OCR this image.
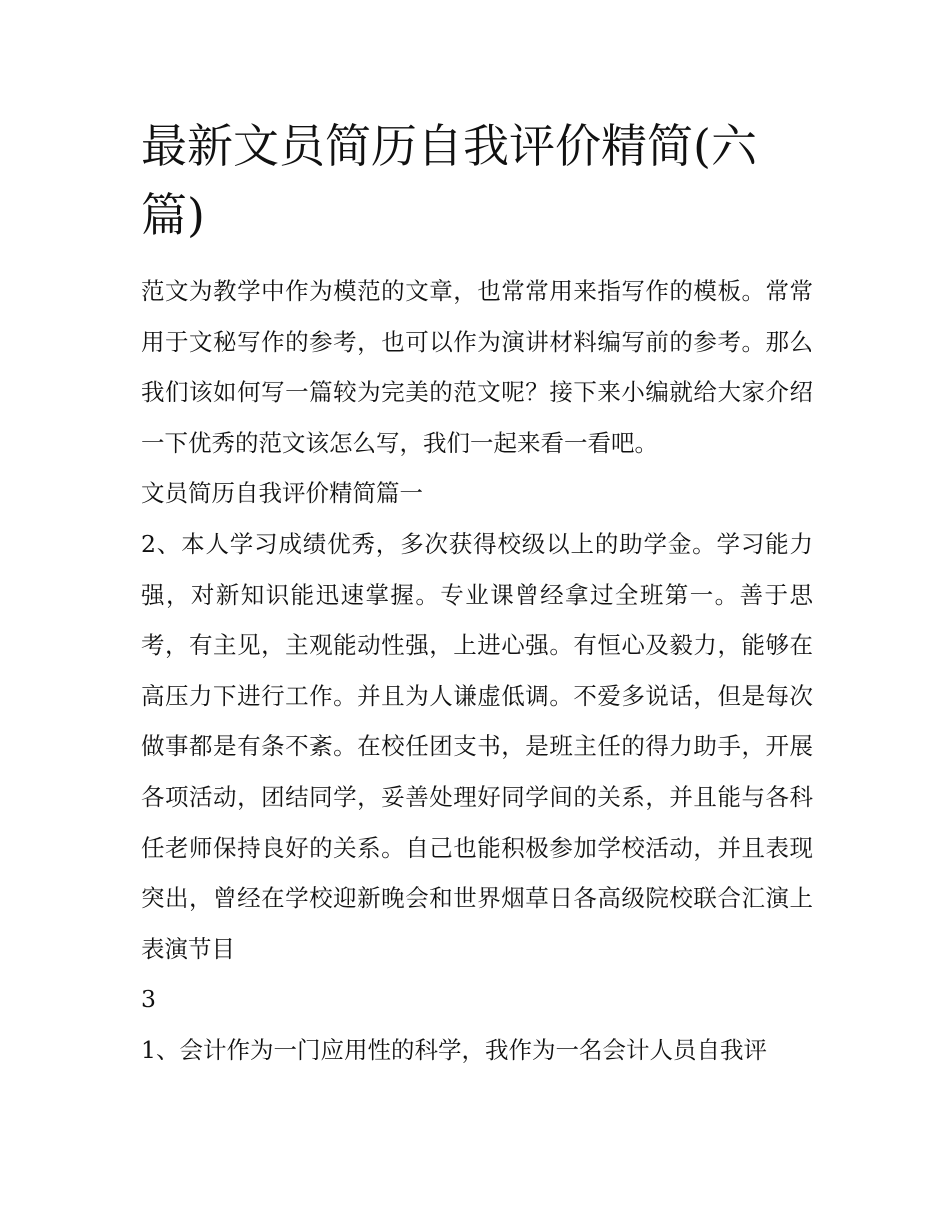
最新文员简历自我评价精简(六篇)

范文为教学中作为模范的文章，也常常用来指写作的模板。常常用于文秘写作的参考，也可以作为演讲材料编写前的参考。那么我们该如何写一篇较为完美的范文呢？接下来小编就给大家介绍一下优秀的范文该怎么写，我们一起来看一看吧。

文员简历自我评价精简篇一

2、本人学习成绩优秀，多次获得校级以上的助学金。学习能力强，对新知识能迅速掌握。专业课曾经拿过全班第一。善于思考，有主见，主观能动性强，上进心强。有恒心及毅力，能够在高压力下进行工作。并且为人谦虚低调。不爱多说话，但是每次做事都是有条不紊。在校任团支书，是班主任的得力助手，开展各项活动，团结同学，妥善处理好同学间的关系，并且能与各科任老师保持良好的关系。自己也能积极参加学校活动，并且表现突出，曾经在学校迎新晚会和世界烟草日各高级院校联合汇演上表演节目

3

1、会计作为一门应用性的科学，我作为一名会计人员自我评
